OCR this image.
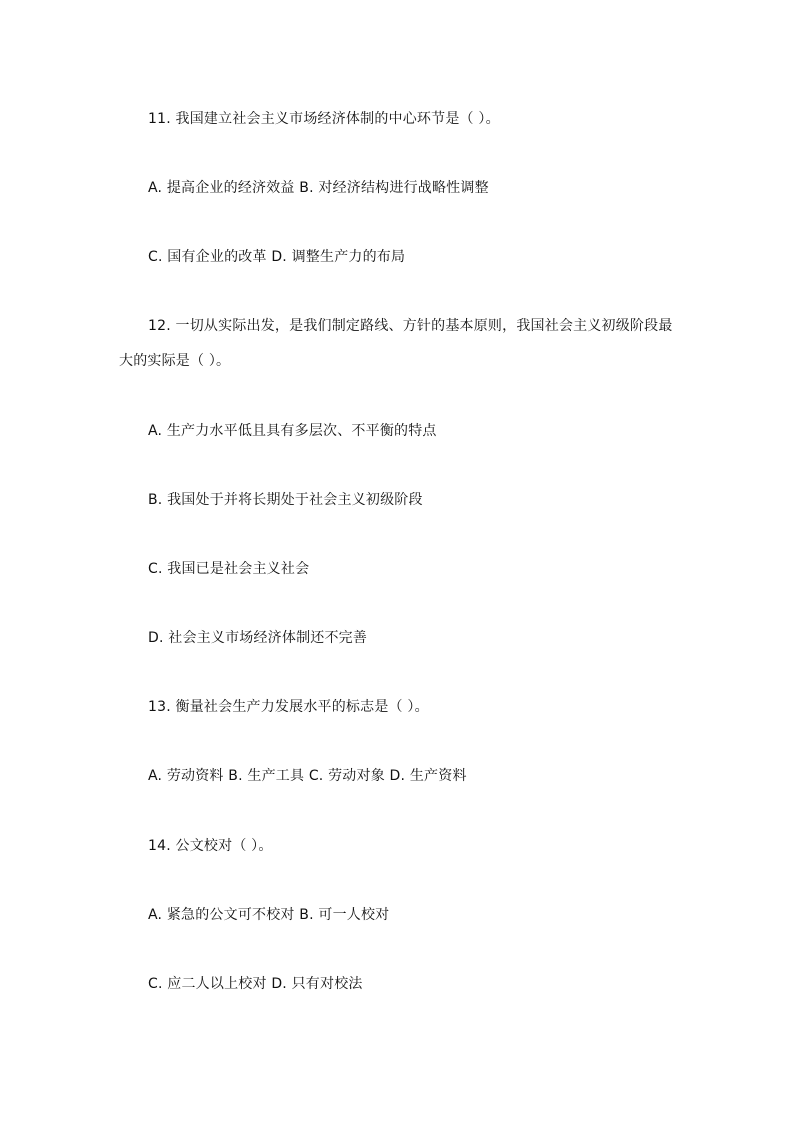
11. 我国建立社会主义市场经济体制的中心环节是（ ）。
A. 提高企业的经济效益 B. 对经济结构进行战略性调整
C. 国有企业的改革 D. 调整生产力的布局
12. 一切从实际出发，是我们制定路线、方针的基本原则，我国社会主义初级阶段最
大的实际是（ ）。
A. 生产力水平低且具有多层次、不平衡的特点
B. 我国处于并将长期处于社会主义初级阶段
C. 我国已是社会主义社会
D. 社会主义市场经济体制还不完善
13. 衡量社会生产力发展水平的标志是（ ）。
A. 劳动资料 B. 生产工具 C. 劳动对象 D. 生产资料
14. 公文校对（ ）。
A. 紧急的公文可不校对 B. 可一人校对
C. 应二人以上校对 D. 只有对校法
